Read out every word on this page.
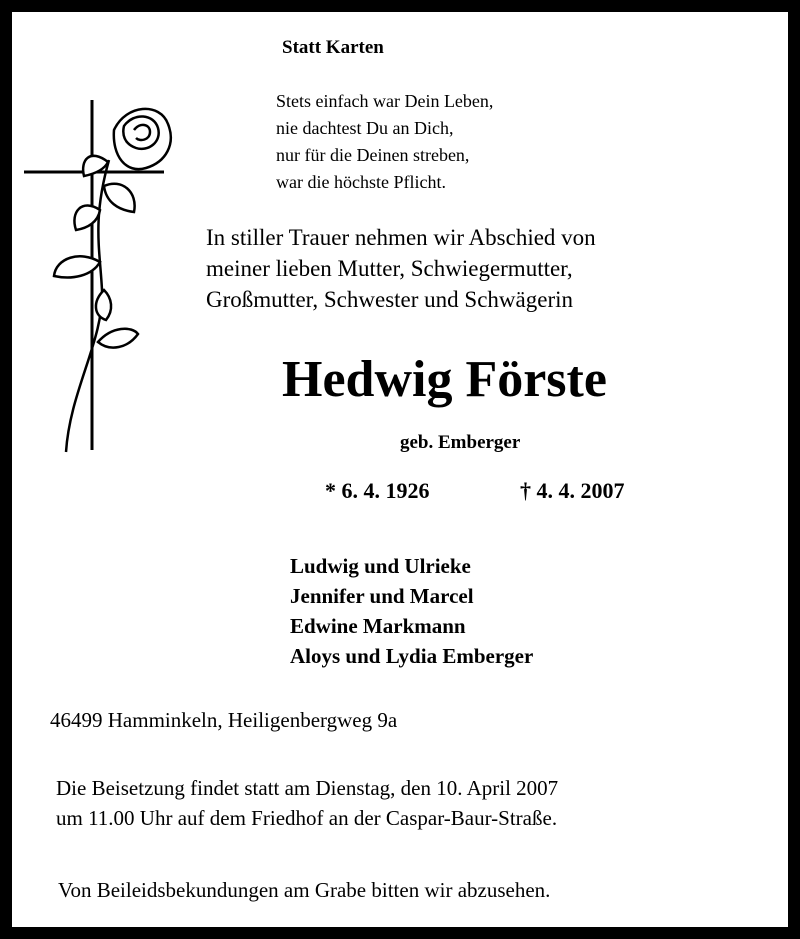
Statt Karten
Stets einfach war Dein Leben,
nie dachtest Du an Dich,
nur für die Deinen streben,
war die höchste Pflicht.
In stiller Trauer nehmen wir Abschied von
meiner lieben Mutter, Schwiegermutter,
Großmutter, Schwester und Schwägerin
Hedwig Förste
geb. Emberger
* 6. 4. 1926	† 4. 4. 2007
Ludwig und Ulrieke
Jennifer und Marcel
Edwine Markmann
Aloys und Lydia Emberger
46499 Hamminkeln, Heiligenbergweg 9a
Die Beisetzung findet statt am Dienstag, den 10. April 2007
um 11.00 Uhr auf dem Friedhof an der Caspar-Baur-Straße.
Von Beileidsbekundungen am Grabe bitten wir abzusehen.
